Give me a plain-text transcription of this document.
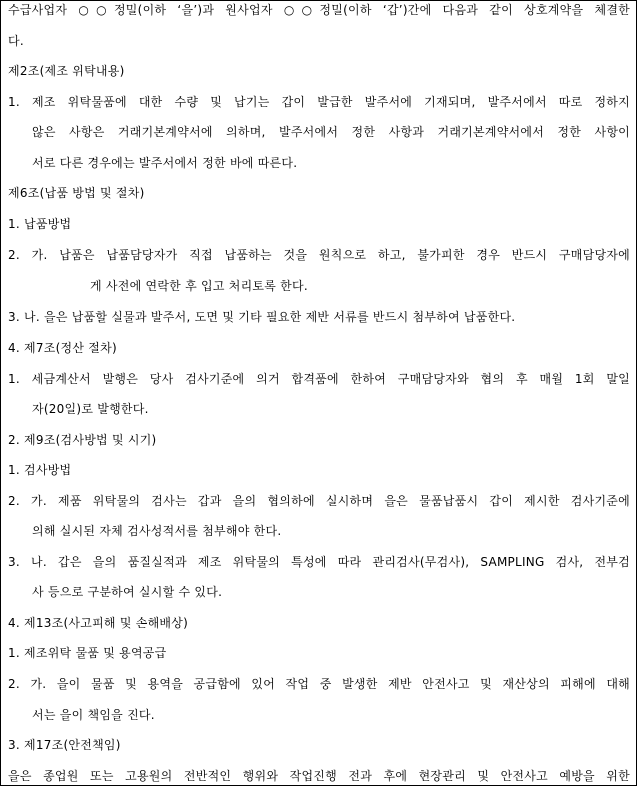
수급사업자 ○○정밀(이하 ‘을’)과 원사업자 ○○정밀(이하 ‘갑’)간에 다음과 같이 상호계약을 체결한
다.
제2조(제조 위탁내용)
1. 제조 위탁물품에 대한 수량 및 납기는 갑이 발급한 발주서에 기재되며, 발주서에서 따로 정하지
않은 사항은 거래기본계약서에 의하며, 발주서에서 정한 사항과 거래기본계약서에서 정한 사항이
서로 다른 경우에는 발주서에서 정한 바에 따른다.
제6조(납품 방법 및 절차)
1. 납품방법
2. 가. 납품은 납품담당자가 직접 납품하는 것을 원칙으로 하고, 불가피한 경우 반드시 구매담당자에
게 사전에 연락한 후 입고 처리토록 한다.
3. 나. 을은 납품할 실물과 발주서, 도면 및 기타 필요한 제반 서류를 반드시 첨부하여 납품한다.
4. 제7조(정산 절차)
1. 세금계산서 발행은 당사 검사기준에 의거 합격품에 한하여 구매담당자와 협의 후 매월 1회 말일
자(20일)로 발행한다.
2. 제9조(검사방법 및 시기)
1. 검사방법
2. 가. 제품 위탁물의 검사는 갑과 을의 협의하에 실시하며 을은 물품납품시 갑이 제시한 검사기준에
의해 실시된 자체 검사성적서를 첨부해야 한다.
3. 나. 갑은 을의 품질실적과 제조 위탁물의 특성에 따라 관리검사(무검사), SAMPLING 검사, 전부검
사 등으로 구분하여 실시할 수 있다.
4. 제13조(사고피해 및 손해배상)
1. 제조위탁 물품 및 용역공급
2. 가. 을이 물품 및 용역을 공급함에 있어 작업 중 발생한 제반 안전사고 및 재산상의 피해에 대해
서는 을이 책임을 진다.
3. 제17조(안전책임)
을은 종업원 또는 고용원의 전반적인 행위와 작업진행 전과 후에 현장관리 및 안전사고 예방을 위한
